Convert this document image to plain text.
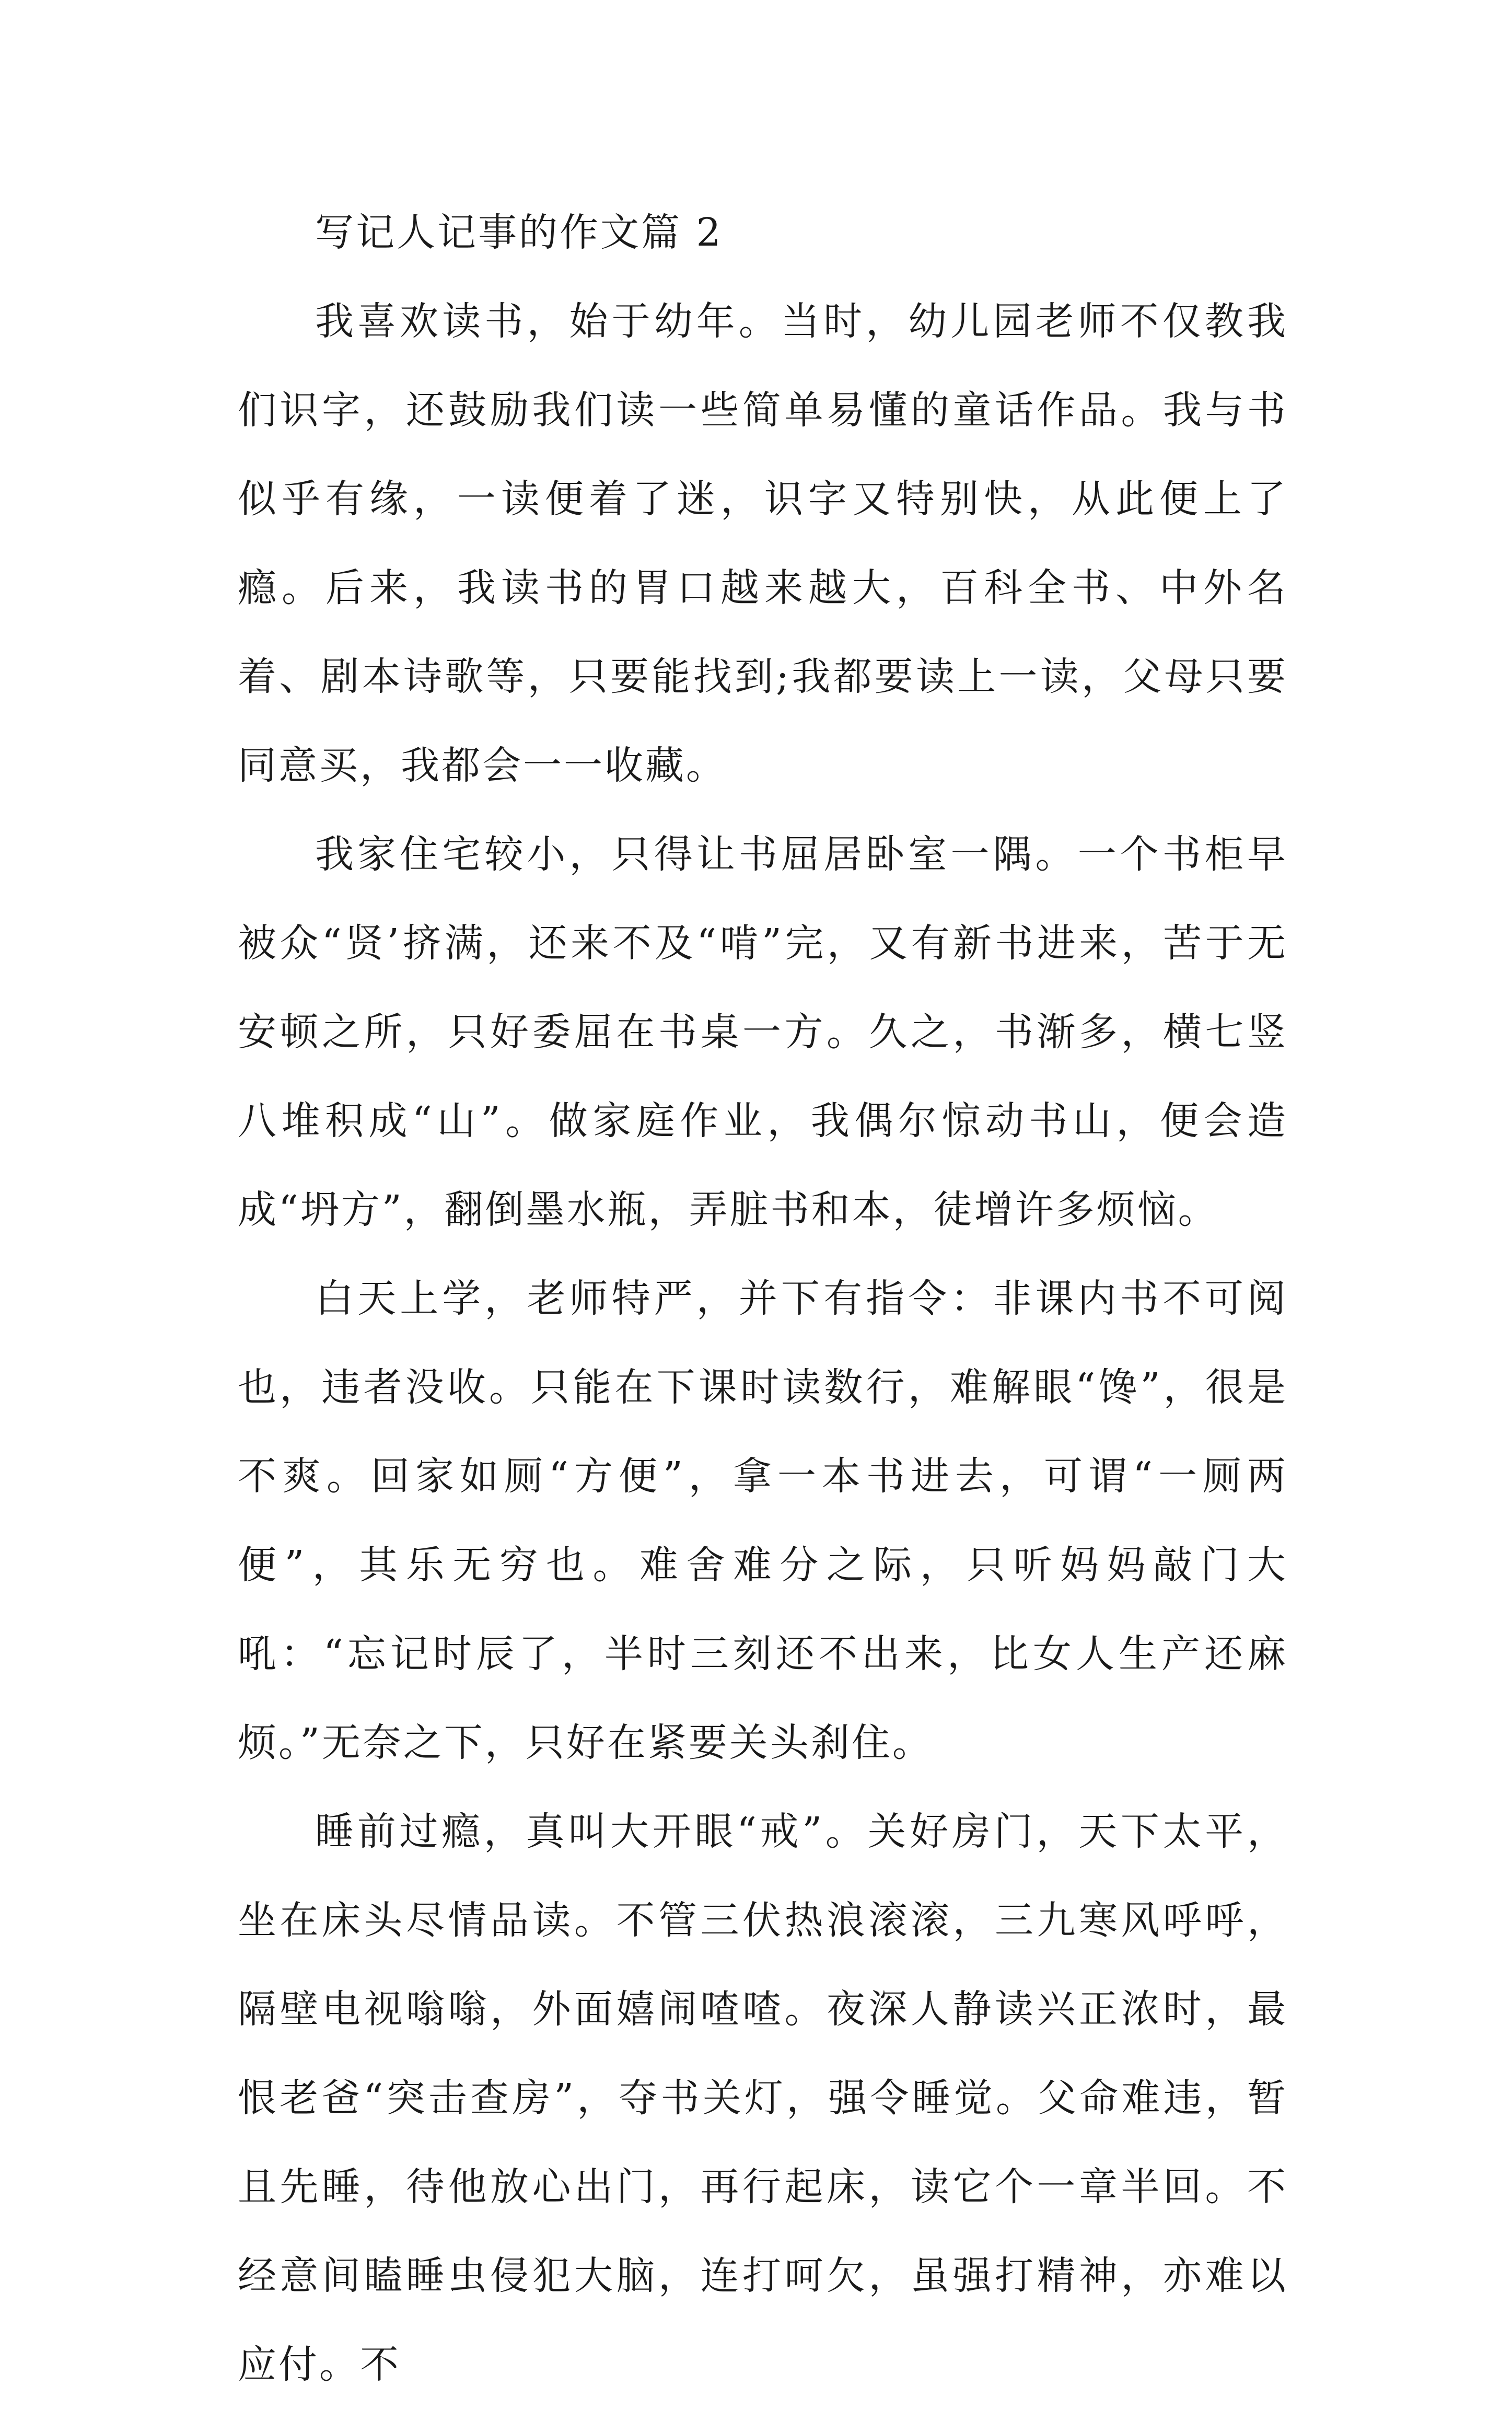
写记人记事的作文篇 2

我喜欢读书，始于幼年。当时，幼儿园老师不仅教我们识字，还鼓励我们读一些简单易懂的童话作品。我与书似乎有缘，一读便着了迷，识字又特别快，从此便上了瘾。后来，我读书的胃口越来越大，百科全书、中外名着、剧本诗歌等，只要能找到;我都要读上一读，父母只要同意买，我都会一一收藏。

我家住宅较小，只得让书屈居卧室一隅。一个书柜早被众“贤’挤满，还来不及“啃”完，又有新书进来，苦于无安顿之所，只好委屈在书桌一方。久之，书渐多，横七竖八堆积成“山”。做家庭作业，我偶尔惊动书山，便会造成“坍方”，翻倒墨水瓶，弄脏书和本，徒增许多烦恼。

白天上学，老师特严，并下有指令：非课内书不可阅也，违者没收。只能在下课时读数行，难解眼“馋”，很是不爽。回家如厕“方便”，拿一本书进去，可谓“一厕两便”，其乐无穷也。难舍难分之际，只听妈妈敲门大吼：“忘记时辰了，半时三刻还不出来，比女人生产还麻烦。”无奈之下，只好在紧要关头刹住。

睡前过瘾，真叫大开眼“戒”。关好房门，天下太平，坐在床头尽情品读。不管三伏热浪滚滚，三九寒风呼呼，隔壁电视嗡嗡，外面嬉闹喳喳。夜深人静读兴正浓时，最恨老爸“突击查房”，夺书关灯，强令睡觉。父命难违，暂且先睡，待他放心出门，再行起床，读它个一章半回。不经意间瞌睡虫侵犯大脑，连打呵欠，虽强打精神，亦难以应付。不
